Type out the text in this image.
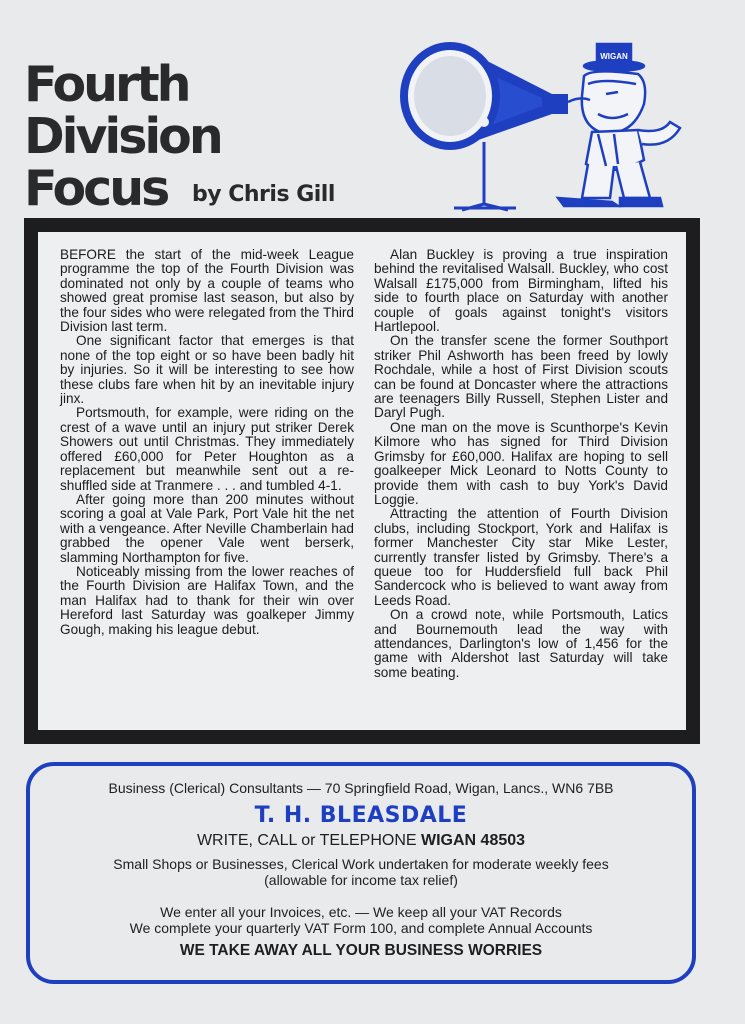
Fourth
Division
Focus by Chris Gill
WIGAN

BEFORE the start of the mid-week League programme the top of the Fourth Division was dominated not only by a couple of teams who showed great promise last season, but also by the four sides who were relegated from the Third Division last term.

One significant factor that emerges is that none of the top eight or so have been badly hit by injuries. So it will be interesting to see how these clubs fare when hit by an inevitable injury jinx.

Portsmouth, for example, were riding on the crest of a wave until an injury put striker Derek Showers out until Christmas. They immediately offered £60,000 for Peter Houghton as a replacement but meanwhile sent out a re-shuffled side at Tranmere . . . and tumbled 4-1.

After going more than 200 minutes without scoring a goal at Vale Park, Port Vale hit the net with a vengeance. After Neville Chamberlain had grabbed the opener Vale went berserk, slamming Northampton for five.

Noticeably missing from the lower reaches of the Fourth Division are Halifax Town, and the man Halifax had to thank for their win over Hereford last Saturday was goalkeper Jimmy Gough, making his league debut.

Alan Buckley is proving a true inspiration behind the revitalised Walsall. Buckley, who cost Walsall £175,000 from Birmingham, lifted his side to fourth place on Saturday with another couple of goals against tonight's visitors Hartlepool.

On the transfer scene the former Southport striker Phil Ashworth has been freed by lowly Rochdale, while a host of First Division scouts can be found at Doncaster where the attractions are teenagers Billy Russell, Stephen Lister and Daryl Pugh.

One man on the move is Scunthorpe's Kevin Kilmore who has signed for Third Division Grimsby for £60,000. Halifax are hoping to sell goalkeeper Mick Leonard to Notts County to provide them with cash to buy York's David Loggie.

Attracting the attention of Fourth Division clubs, including Stockport, York and Halifax is former Manchester City star Mike Lester, currently transfer listed by Grimsby. There's a queue too for Huddersfield full back Phil Sandercock who is believed to want away from Leeds Road.

On a crowd note, while Portsmouth, Latics and Bournemouth lead the way with attendances, Darlington's low of 1,456 for the game with Aldershot last Saturday will take some beating.

Business (Clerical) Consultants — 70 Springfield Road, Wigan, Lancs., WN6 7BB
T. H. BLEASDALE
WRITE, CALL or TELEPHONE WIGAN 48503
Small Shops or Businesses, Clerical Work undertaken for moderate weekly fees
(allowable for income tax relief)
We enter all your Invoices, etc. — We keep all your VAT Records
We complete your quarterly VAT Form 100, and complete Annual Accounts
WE TAKE AWAY ALL YOUR BUSINESS WORRIES
